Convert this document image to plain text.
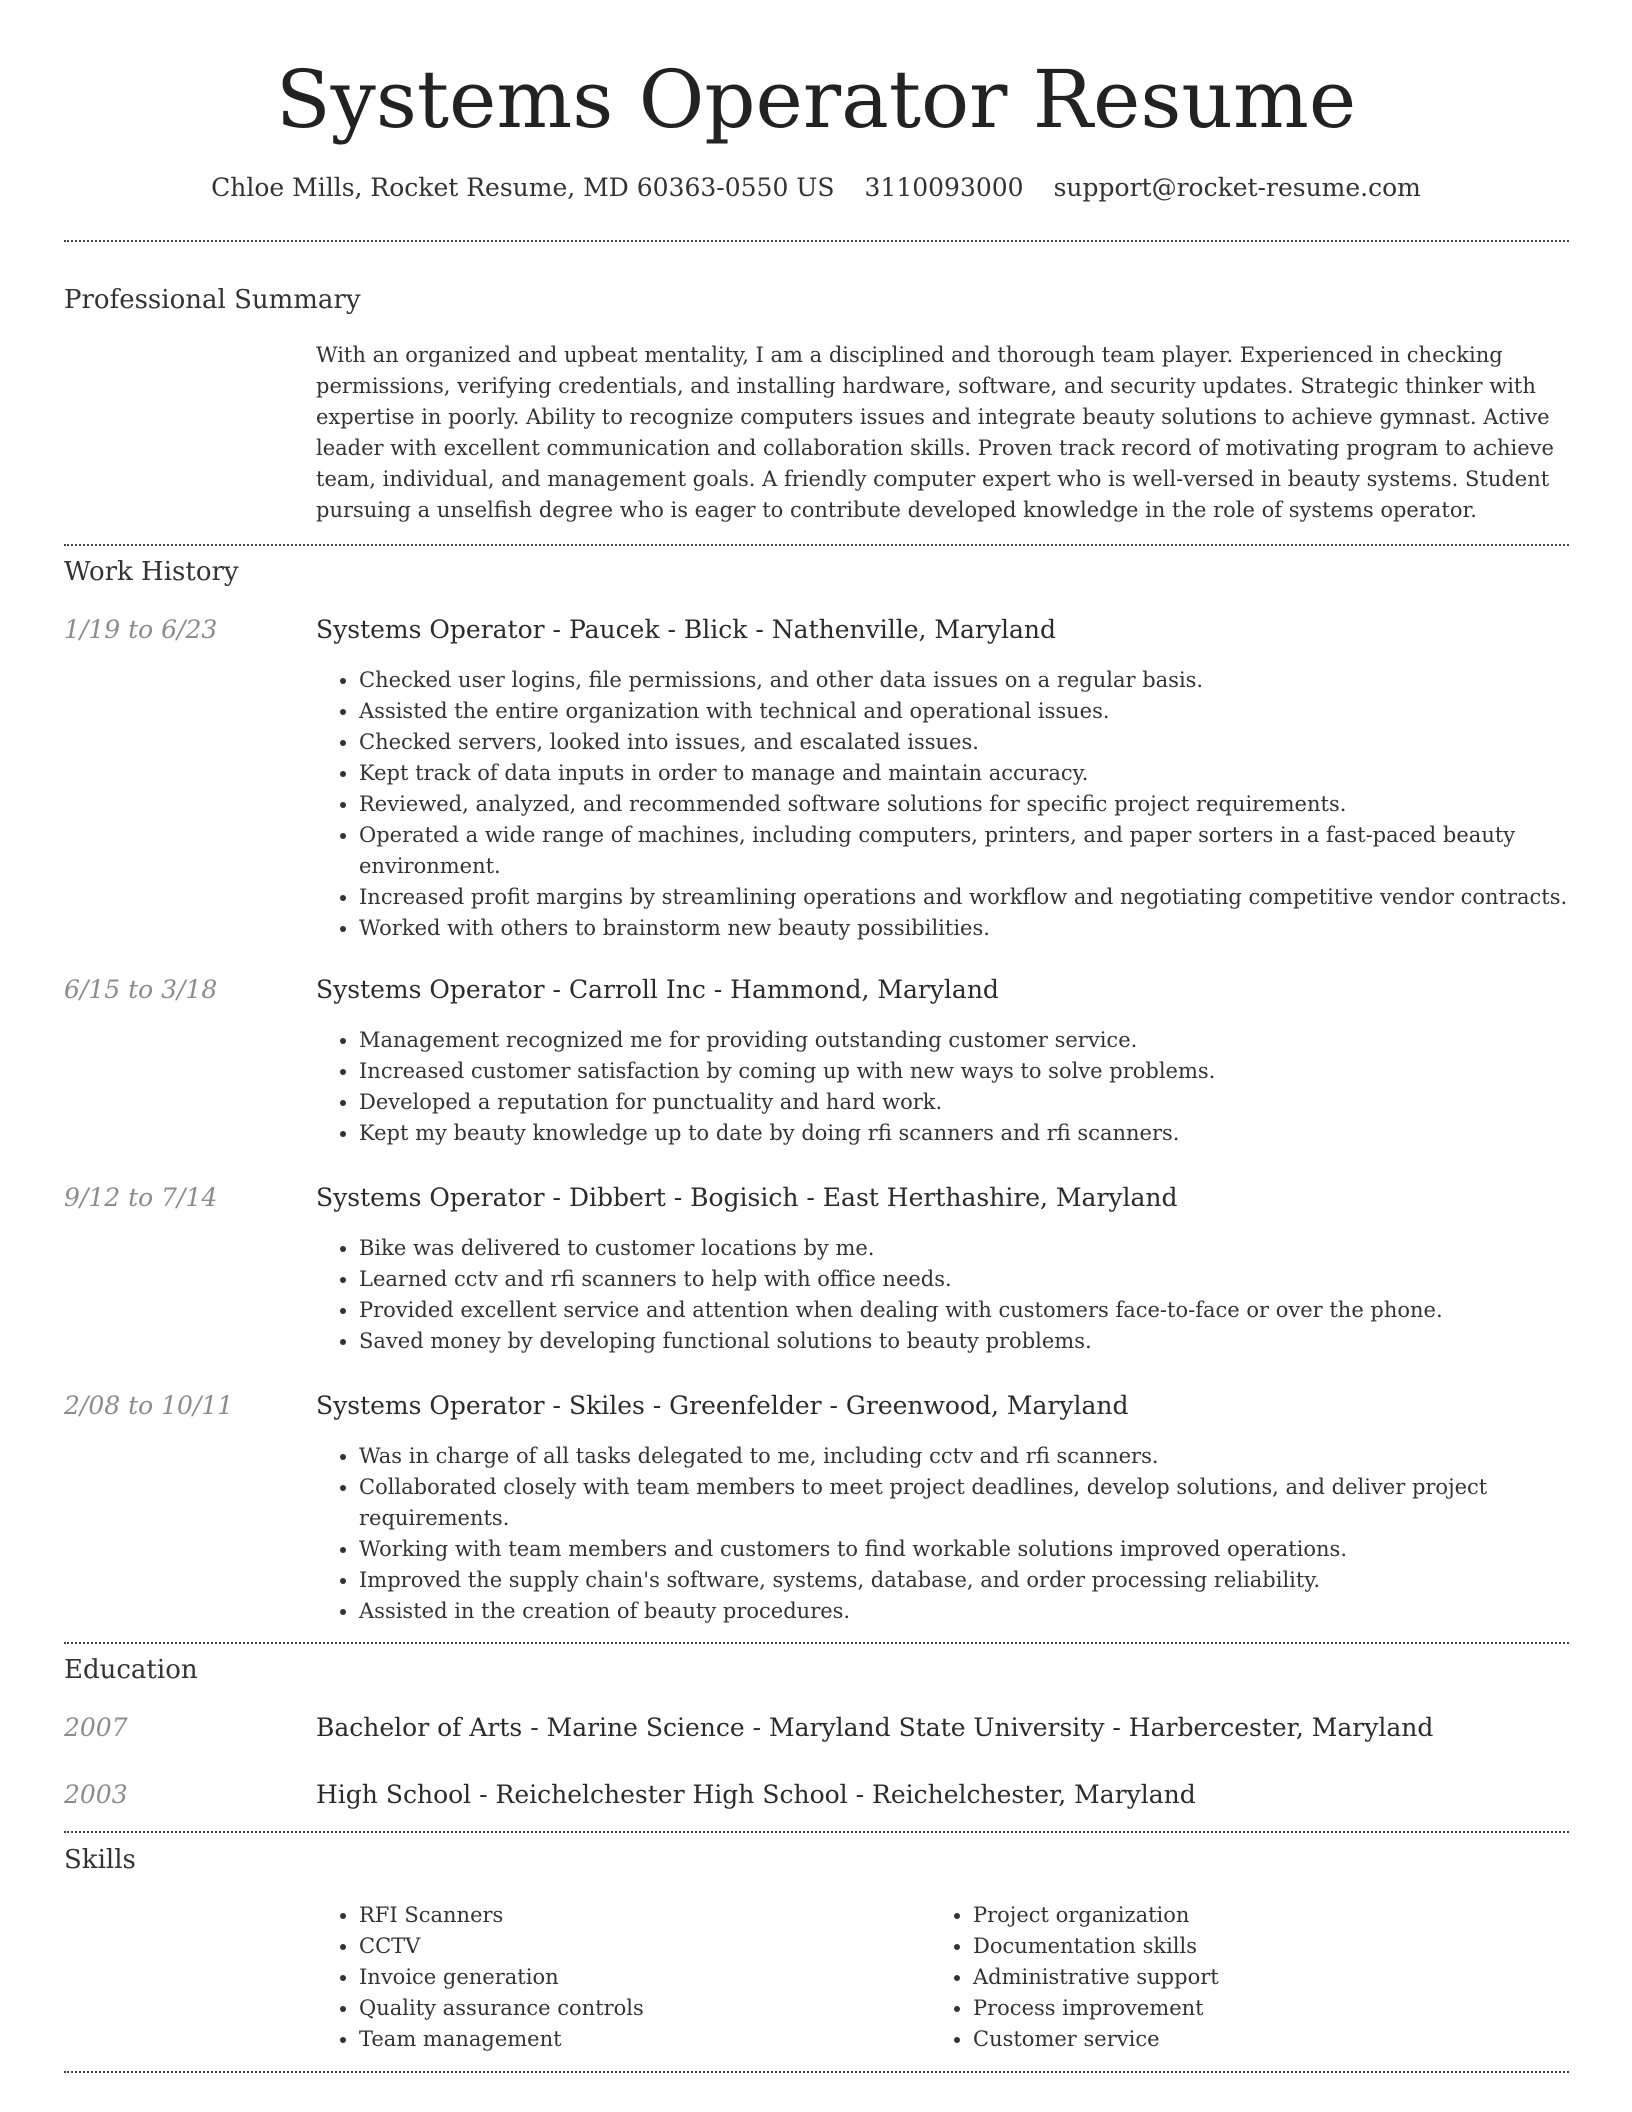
Systems Operator Resume
Chloe Mills, Rocket Resume, MD 60363-0550 US 3110093000 support@rocket-resume.com
Professional Summary
With an organized and upbeat mentality, I am a disciplined and thorough team player. Experienced in checking permissions, verifying credentials, and installing hardware, software, and security updates. Strategic thinker with expertise in poorly. Ability to recognize computers issues and integrate beauty solutions to achieve gymnast. Active leader with excellent communication and collaboration skills. Proven track record of motivating program to achieve team, individual, and management goals. A friendly computer expert who is well-versed in beauty systems. Student pursuing a unselfish degree who is eager to contribute developed knowledge in the role of systems operator.
Work History
1/19 to 6/23	Systems Operator - Paucek - Blick - Nathenville, Maryland
• Checked user logins, file permissions, and other data issues on a regular basis.
• Assisted the entire organization with technical and operational issues.
• Checked servers, looked into issues, and escalated issues.
• Kept track of data inputs in order to manage and maintain accuracy.
• Reviewed, analyzed, and recommended software solutions for specific project requirements.
• Operated a wide range of machines, including computers, printers, and paper sorters in a fast-paced beauty environment.
• Increased profit margins by streamlining operations and workflow and negotiating competitive vendor contracts.
• Worked with others to brainstorm new beauty possibilities.
6/15 to 3/18	Systems Operator - Carroll Inc - Hammond, Maryland
• Management recognized me for providing outstanding customer service.
• Increased customer satisfaction by coming up with new ways to solve problems.
• Developed a reputation for punctuality and hard work.
• Kept my beauty knowledge up to date by doing rfi scanners and rfi scanners.
9/12 to 7/14	Systems Operator - Dibbert - Bogisich - East Herthashire, Maryland
• Bike was delivered to customer locations by me.
• Learned cctv and rfi scanners to help with office needs.
• Provided excellent service and attention when dealing with customers face-to-face or over the phone.
• Saved money by developing functional solutions to beauty problems.
2/08 to 10/11	Systems Operator - Skiles - Greenfelder - Greenwood, Maryland
• Was in charge of all tasks delegated to me, including cctv and rfi scanners.
• Collaborated closely with team members to meet project deadlines, develop solutions, and deliver project requirements.
• Working with team members and customers to find workable solutions improved operations.
• Improved the supply chain's software, systems, database, and order processing reliability.
• Assisted in the creation of beauty procedures.
Education
2007	Bachelor of Arts - Marine Science - Maryland State University - Harbercester, Maryland
2003	High School - Reichelchester High School - Reichelchester, Maryland
Skills
• RFI Scanners
• CCTV
• Invoice generation
• Quality assurance controls
• Team management
• Project organization
• Documentation skills
• Administrative support
• Process improvement
• Customer service
